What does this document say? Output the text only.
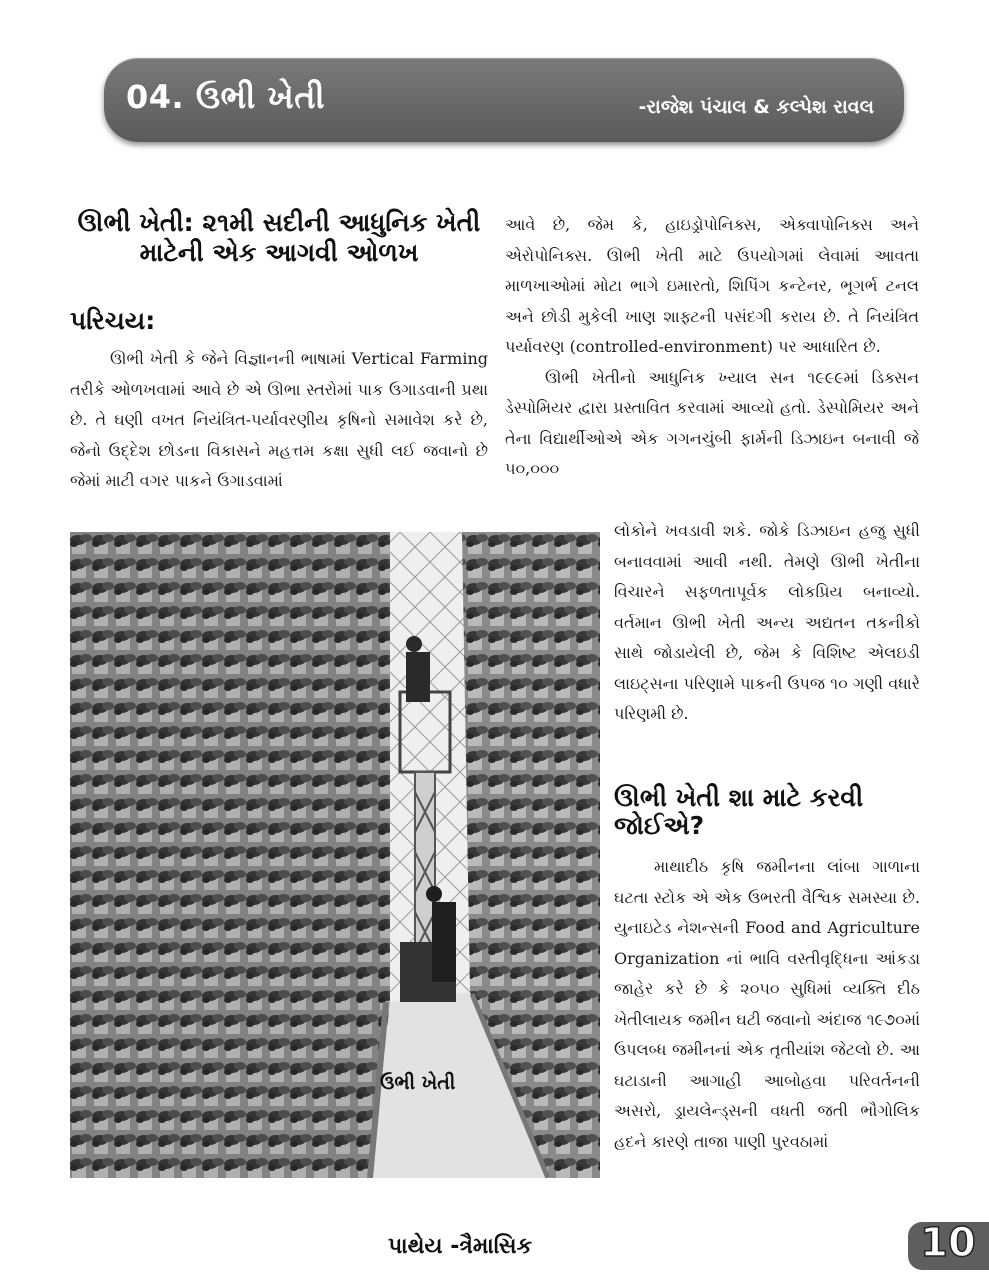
04. ઉભી ખેતી	-રાજેશ પંચાલ & કલ્પેશ રાવલ
ઊભી ખેતી: ૨૧મી સદીની આધુનિક ખેતી માટેની એક આગવી ઓળખ
પરિચય:

ઊભી ખેતી કે જેને વિજ્ઞાનની ભાષામાં Vertical Farming તરીકે ઓળખવામાં આવે છે એ ઊભા સ્તરોમાં પાક ઉગાડવાની પ્રથા છે. તે ઘણી વખત નિયંત્રિત-પર્યાવરણીય કૃષિનો સમાવેશ કરે છે, જેનો ઉદ્દેશ છોડના વિકાસને મહત્તમ કક્ષા સુધી લઈ જવાનો છે જેમાં માટી વગર પાકને ઉગાડવામાં

આવે છે, જેમ કે, હાઇડ્રોપોનિક્સ, એક્વાપોનિક્સ અને એરોપોનિક્સ. ઊભી ખેતી માટે ઉપયોગમાં લેવામાં આવતા માળખાઓમાં મોટા ભાગે ઇમારતો, શિપિંગ કન્ટેનર, ભૂગર્ભ ટનલ અને છોડી મુકેલી ખાણ શાફ્ટની પસંદગી કરાય છે. તે નિયંત્રિત પર્યાવરણ (controlled-environment) પર આધારિત છે.

ઊભી ખેતીનો આધુનિક ખ્યાલ સન ૧૯૯૯માં ડિક્સન ડેસ્પોમિયર દ્વારા પ્રસ્તાવિત કરવામાં આવ્યો હતો. ડેસ્પોમિયર અને તેના વિદ્યાર્થીઓએ એક ગગનચુંબી ફાર્મની ડિઝાઇન બનાવી જે ૫૦,૦૦૦

લોકોને ખવડાવી શકે. જોકે ડિઝાઇન હજુ સુધી બનાવવામાં આવી નથી. તેમણે ઊભી ખેતીના વિચારને સફળતાપૂર્વક લોકપ્રિય બનાવ્યો. વર્તમાન ઊભી ખેતી અન્ય અદ્યતન તકનીકો સાથે જોડાયેલી છે, જેમ કે વિશિષ્ટ એલઇડી લાઇટ્સના પરિણામે પાકની ઉપજ ૧૦ ગણી વધારે પરિણમી છે.
ઉભી ખેતી
ઊભી ખેતી શા માટે કરવી જોઈએ?

માથાદીઠ કૃષિ જમીનના લાંબા ગાળાના ઘટતા સ્ટોક એ એક ઉભરતી વૈશ્વિક સમસ્યા છે. યુનાઇટેડ નેશન્સની Food and Agriculture Organization નાં ભાવિ વસ્તીવૃદ્ધિના આંકડા જાહેર કરે છે કે ૨૦૫૦ સુધિમાં વ્યક્તિ દીઠ ખેતીલાયક જમીન ઘટી જવાનો અંદાજ ૧૯૭૦માં ઉપલબ્ધ જમીનનાં એક તૃતીયાંશ જેટલો છે. આ ઘટાડાની આગાહી આબોહવા પરિવર્તનની અસરો, ડ્રાયલેન્ડ્સની વધતી જતી ભૌગોલિક હદને કારણે તાજા પાણી પુરવઠામાં

પાથેય -ત્રૈમાસિક	10
